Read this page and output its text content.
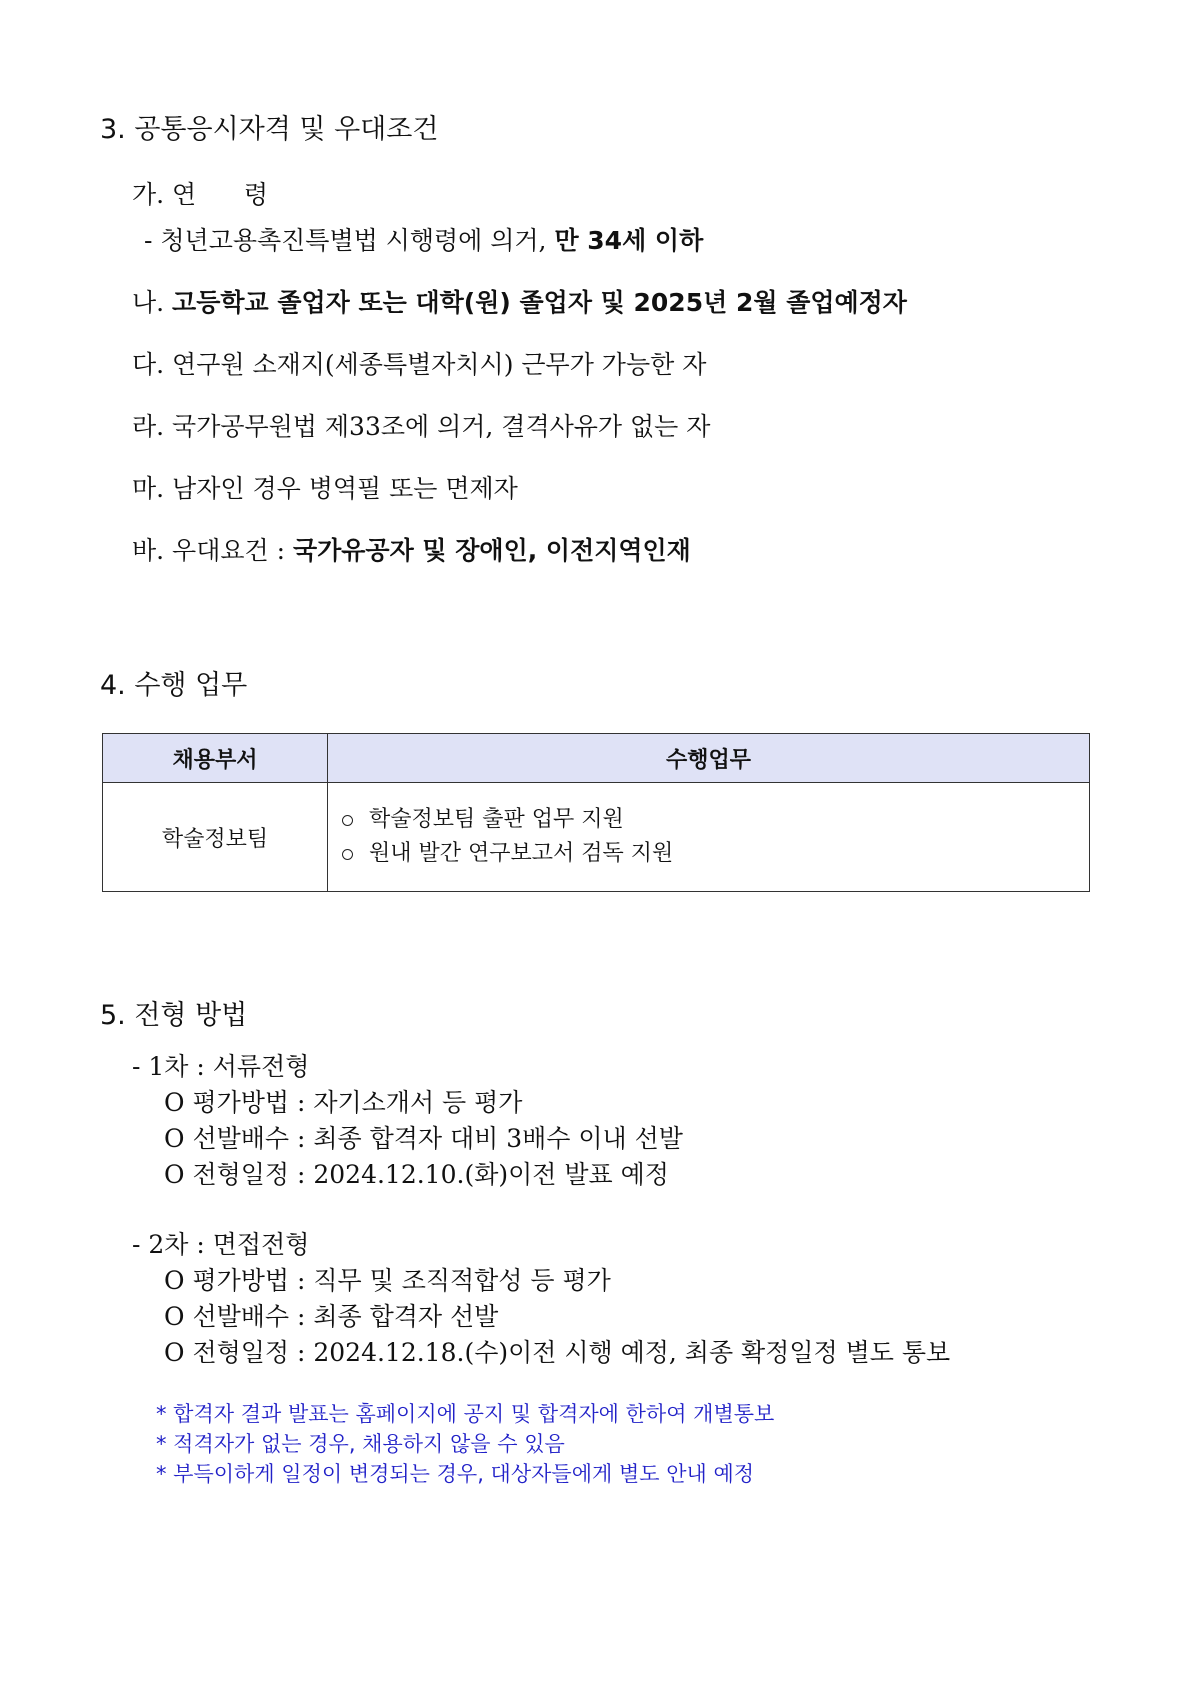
3. 공통응시자격 및 우대조건
가. 연      령
- 청년고용촉진특별법 시행령에 의거, 만 34세 이하
나. 고등학교 졸업자 또는 대학(원) 졸업자 및 2025년 2월 졸업예정자
다. 연구원 소재지(세종특별자치시) 근무가 가능한 자
라. 국가공무원법 제33조에 의거, 결격사유가 없는 자
마. 남자인 경우 병역필 또는 면제자
바. 우대요건 : 국가유공자 및 장애인, 이전지역인재
4. 수행 업무
채용부서	수행업무
학술정보팀	학술정보팀 출판 업무 지원
원내 발간 연구보고서 검독 지원
5. 전형 방법
- 1차 : 서류전형
O 평가방법 : 자기소개서 등 평가
O 선발배수 : 최종 합격자 대비 3배수 이내 선발
O 전형일정 : 2024.12.10.(화)이전 발표 예정
- 2차 : 면접전형
O 평가방법 : 직무 및 조직적합성 등 평가
O 선발배수 : 최종 합격자 선발
O 전형일정 : 2024.12.18.(수)이전 시행 예정, 최종 확정일정 별도 통보
* 합격자 결과 발표는 홈페이지에 공지 및 합격자에 한하여 개별통보
* 적격자가 없는 경우, 채용하지 않을 수 있음
* 부득이하게 일정이 변경되는 경우, 대상자들에게 별도 안내 예정
